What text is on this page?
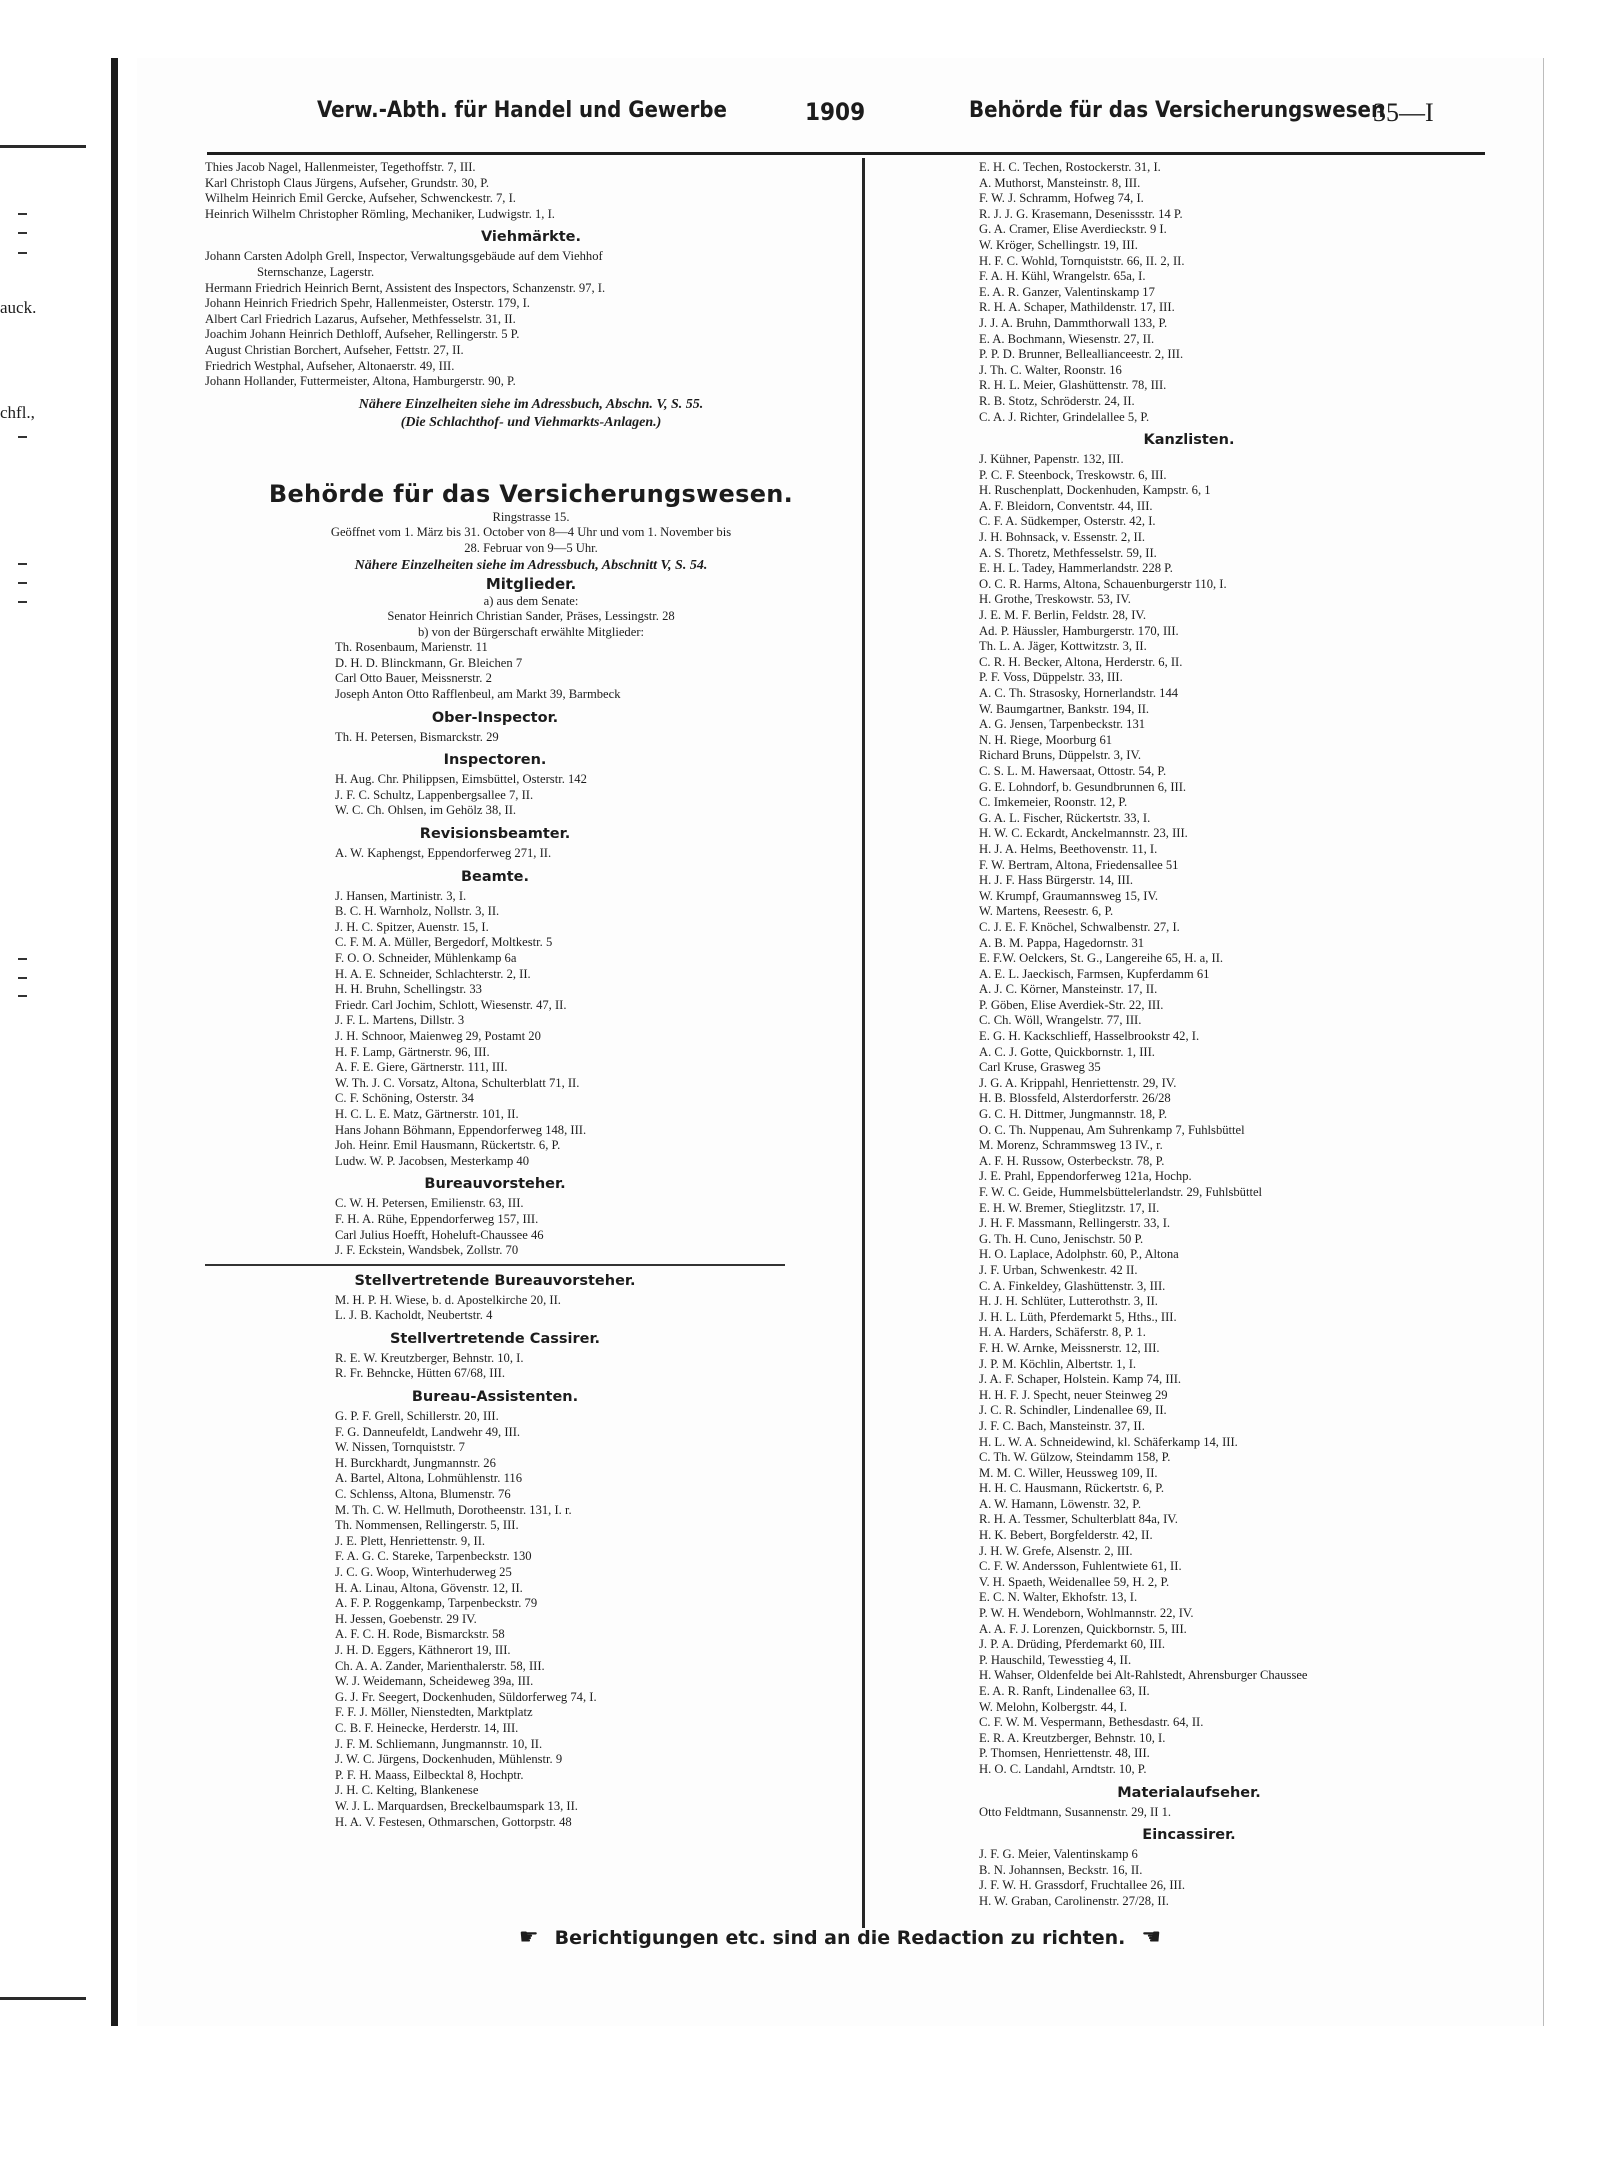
auck.
chfl.,
Verw.-Abth. für Handel und Gewerbe	1909	Behörde für das Versicherungswesen
35—I
Thies Jacob Nagel, Hallenmeister, Tegethoffstr. 7, III.
Karl Christoph Claus Jürgens, Aufseher, Grundstr. 30, P.
Wilhelm Heinrich Emil Gercke, Aufseher, Schwenckestr. 7, I.
Heinrich Wilhelm Christopher Römling, Mechaniker, Ludwigstr. 1, I.
Viehmärkte.
Johann Carsten Adolph Grell, Inspector, Verwaltungsgebäude auf dem Viehhof
Sternschanze, Lagerstr.
Hermann Friedrich Heinrich Bernt, Assistent des Inspectors, Schanzenstr. 97, I.
Johann Heinrich Friedrich Spehr, Hallenmeister, Osterstr. 179, I.
Albert Carl Friedrich Lazarus, Aufseher, Methfesselstr. 31, II.
Joachim Johann Heinrich Dethloff, Aufseher, Rellingerstr. 5 P.
August Christian Borchert, Aufseher, Fettstr. 27, II.
Friedrich Westphal, Aufseher, Altonaerstr. 49, III.
Johann Hollander, Futtermeister, Altona, Hamburgerstr. 90, P.
Nähere Einzelheiten siehe im Adressbuch, Abschn. V, S. 55.
(Die Schlachthof- und Viehmarkts-Anlagen.)
Behörde für das Versicherungswesen.
Ringstrasse 15.
Geöffnet vom 1. März bis 31. October von 8—4 Uhr und vom 1. November bis
28. Februar von 9—5 Uhr.
Nähere Einzelheiten siehe im Adressbuch, Abschnitt V, S. 54.
Mitglieder.
a) aus dem Senate:
Senator Heinrich Christian Sander, Präses, Lessingstr. 28
b) von der Bürgerschaft erwählte Mitglieder:
Th. Rosenbaum, Marienstr. 11
D. H. D. Blinckmann, Gr. Bleichen 7
Carl Otto Bauer, Meissnerstr. 2
Joseph Anton Otto Rafflenbeul, am Markt 39, Barmbeck
Ober-Inspector.
Th. H. Petersen, Bismarckstr. 29
Inspectoren.
H. Aug. Chr. Philippsen, Eimsbüttel, Osterstr. 142
J. F. C. Schultz, Lappenbergsallee 7, II.
W. C. Ch. Ohlsen, im Gehölz 38, II.
Revisionsbeamter.
A. W. Kaphengst, Eppendorferweg 271, II.
Beamte.
J. Hansen, Martinistr. 3, I.
B. C. H. Warnholz, Nollstr. 3, II.
J. H. C. Spitzer, Auenstr. 15, I.
C. F. M. A. Müller, Bergedorf, Moltkestr. 5
F. O. O. Schneider, Mühlenkamp 6a
H. A. E. Schneider, Schlachterstr. 2, II.
H. H. Bruhn, Schellingstr. 33
Friedr. Carl Jochim, Schlott, Wiesenstr. 47, II.
J. F. L. Martens, Dillstr. 3
J. H. Schnoor, Maienweg 29, Postamt 20
H. F. Lamp, Gärtnerstr. 96, III.
A. F. E. Giere, Gärtnerstr. 111, III.
W. Th. J. C. Vorsatz, Altona, Schulterblatt 71, II.
C. F. Schöning, Osterstr. 34
H. C. L. E. Matz, Gärtnerstr. 101, II.
Hans Johann Böhmann, Eppendorferweg 148, III.
Joh. Heinr. Emil Hausmann, Rückertstr. 6, P.
Ludw. W. P. Jacobsen, Mesterkamp 40
Bureauvorsteher.
C. W. H. Petersen, Emilienstr. 63, III.
F. H. A. Rühe, Eppendorferweg 157, III.
Carl Julius Hoefft, Hoheluft-Chaussee 46
J. F. Eckstein, Wandsbek, Zollstr. 70
Stellvertretende Bureauvorsteher.
M. H. P. H. Wiese, b. d. Apostelkirche 20, II.
L. J. B. Kacholdt, Neubertstr. 4
Stellvertretende Cassirer.
R. E. W. Kreutzberger, Behnstr. 10, I.
R. Fr. Behncke, Hütten 67/68, III.
Bureau-Assistenten.
G. P. F. Grell, Schillerstr. 20, III.
F. G. Danneufeldt, Landwehr 49, III.
W. Nissen, Tornquiststr. 7
H. Burckhardt, Jungmannstr. 26
A. Bartel, Altona, Lohmühlenstr. 116
C. Schlenss, Altona, Blumenstr. 76
M. Th. C. W. Hellmuth, Dorotheenstr. 131, I. r.
Th. Nommensen, Rellingerstr. 5, III.
J. E. Plett, Henriettenstr. 9, II.
F. A. G. C. Stareke, Tarpenbeckstr. 130
J. C. G. Woop, Winterhuderweg 25
H. A. Linau, Altona, Gövenstr. 12, II.
A. F. P. Roggenkamp, Tarpenbeckstr. 79
H. Jessen, Goebenstr. 29 IV.
A. F. C. H. Rode, Bismarckstr. 58
J. H. D. Eggers, Käthnerort 19, III.
Ch. A. A. Zander, Marienthalerstr. 58, III.
W. J. Weidemann, Scheideweg 39a, III.
G. J. Fr. Seegert, Dockenhuden, Süldorferweg 74, I.
F. F. J. Möller, Nienstedten, Marktplatz
C. B. F. Heinecke, Herderstr. 14, III.
J. F. M. Schliemann, Jungmannstr. 10, II.
J. W. C. Jürgens, Dockenhuden, Mühlenstr. 9
P. F. H. Maass, Eilbecktal 8, Hochptr.
J. H. C. Kelting, Blankenese
W. J. L. Marquardsen, Breckelbaumspark 13, II.
H. A. V. Festesen, Othmarschen, Gottorpstr. 48
E. H. C. Techen, Rostockerstr. 31, I.
A. Muthorst, Mansteinstr. 8, III.
F. W. J. Schramm, Hofweg 74, I.
R. J. J. G. Krasemann, Desenissstr. 14 P.
G. A. Cramer, Elise Averdieckstr. 9 I.
W. Kröger, Schellingstr. 19, III.
H. F. C. Wohld, Tornquiststr. 66, II. 2, II.
F. A. H. Kühl, Wrangelstr. 65a, I.
E. A. R. Ganzer, Valentinskamp 17
R. H. A. Schaper, Mathildenstr. 17, III.
J. J. A. Bruhn, Dammthorwall 133, P.
E. A. Bochmann, Wiesenstr. 27, II.
P. P. D. Brunner, Belleallianceestr. 2, III.
J. Th. C. Walter, Roonstr. 16
R. H. L. Meier, Glashüttenstr. 78, III.
R. B. Stotz, Schröderstr. 24, II.
C. A. J. Richter, Grindelallee 5, P.
Kanzlisten.
J. Kühner, Papenstr. 132, III.
P. C. F. Steenbock, Treskowstr. 6, III.
H. Ruschenplatt, Dockenhuden, Kampstr. 6, 1
A. F. Bleidorn, Conventstr. 44, III.
C. F. A. Südkemper, Osterstr. 42, I.
J. H. Bohnsack, v. Essenstr. 2, II.
A. S. Thoretz, Methfesselstr. 59, II.
E. H. L. Tadey, Hammerlandstr. 228 P.
O. C. R. Harms, Altona, Schauenburgerstr 110, I.
H. Grothe, Treskowstr. 53, IV.
J. E. M. F. Berlin, Feldstr. 28, IV.
Ad. P. Häussler, Hamburgerstr. 170, III.
Th. L. A. Jäger, Kottwitzstr. 3, II.
C. R. H. Becker, Altona, Herderstr. 6, II.
P. F. Voss, Düppelstr. 33, III.
A. C. Th. Strasosky, Hornerlandstr. 144
W. Baumgartner, Bankstr. 194, II.
A. G. Jensen, Tarpenbeckstr. 131
N. H. Riege, Moorburg 61
Richard Bruns, Düppelstr. 3, IV.
C. S. L. M. Hawersaat, Ottostr. 54, P.
G. E. Lohndorf, b. Gesundbrunnen 6, III.
C. Imkemeier, Roonstr. 12, P.
G. A. L. Fischer, Rückertstr. 33, I.
H. W. C. Eckardt, Anckelmannstr. 23, III.
H. J. A. Helms, Beethovenstr. 11, I.
F. W. Bertram, Altona, Friedensallee 51
H. J. F. Hass Bürgerstr. 14, III.
W. Krumpf, Graumannsweg 15, IV.
W. Martens, Reesestr. 6, P.
C. J. E. F. Knöchel, Schwalbenstr. 27, I.
A. B. M. Pappa, Hagedornstr. 31
E. F.W. Oelckers, St. G., Langereihe 65, H. a, II.
A. E. L. Jaeckisch, Farmsen, Kupferdamm 61
A. J. C. Körner, Mansteinstr. 17, II.
P. Göben, Elise Averdiek-Str. 22, III.
C. Ch. Wöll, Wrangelstr. 77, III.
E. G. H. Kackschlieff, Hasselbrookstr 42, I.
A. C. J. Gotte, Quickbornstr. 1, III.
Carl Kruse, Grasweg 35
J. G. A. Krippahl, Henriettenstr. 29, IV.
H. B. Blossfeld, Alsterdorferstr. 26/28
G. C. H. Dittmer, Jungmannstr. 18, P.
O. C. Th. Nuppenau, Am Suhrenkamp 7, Fuhlsbüttel
M. Morenz, Schrammsweg 13 IV., r.
A. F. H. Russow, Osterbeckstr. 78, P.
J. E. Prahl, Eppendorferweg 121a, Hochp.
F. W. C. Geide, Hummelsbüttelerlandstr. 29, Fuhlsbüttel
E. H. W. Bremer, Stieglitzstr. 17, II.
J. H. F. Massmann, Rellingerstr. 33, I.
G. Th. H. Cuno, Jenischstr. 50 P.
H. O. Laplace, Adolphstr. 60, P., Altona
J. F. Urban, Schwenkestr. 42 II.
C. A. Finkeldey, Glashüttenstr. 3, III.
H. J. H. Schlüter, Lutterothstr. 3, II.
J. H. L. Lüth, Pferdemarkt 5, Hths., III.
H. A. Harders, Schäferstr. 8, P. 1.
F. H. W. Arnke, Meissnerstr. 12, III.
J. P. M. Köchlin, Albertstr. 1, I.
J. A. F. Schaper, Holstein. Kamp 74, III.
H. H. F. J. Specht, neuer Steinweg 29
J. C. R. Schindler, Lindenallee 69, II.
J. F. C. Bach, Mansteinstr. 37, II.
H. L. W. A. Schneidewind, kl. Schäferkamp 14, III.
C. Th. W. Gülzow, Steindamm 158, P.
M. M. C. Willer, Heussweg 109, II.
H. H. C. Hausmann, Rückertstr. 6, P.
A. W. Hamann, Löwenstr. 32, P.
R. H. A. Tessmer, Schulterblatt 84a, IV.
H. K. Bebert, Borgfelderstr. 42, II.
J. H. W. Grefe, Alsenstr. 2, III.
C. F. W. Andersson, Fuhlentwiete 61, II.
V. H. Spaeth, Weidenallee 59, H. 2, P.
E. C. N. Walter, Ekhofstr. 13, I.
P. W. H. Wendeborn, Wohlmannstr. 22, IV.
A. A. F. J. Lorenzen, Quickbornstr. 5, III.
J. P. A. Drüding, Pferdemarkt 60, III.
P. Hauschild, Tewesstieg 4, II.
H. Wahser, Oldenfelde bei Alt-Rahlstedt, Ahrensburger Chaussee
E. A. R. Ranft, Lindenallee 63, II.
W. Melohn, Kolbergstr. 44, I.
C. F. W. M. Vespermann, Bethesdastr. 64, II.
E. R. A. Kreutzberger, Behnstr. 10, I.
P. Thomsen, Henriettenstr. 48, III.
H. O. C. Landahl, Arndtstr. 10, P.
Materialaufseher.
Otto Feldtmann, Susannenstr. 29, II 1.
Eincassirer.
J. F. G. Meier, Valentinskamp 6
B. N. Johannsen, Beckstr. 16, II.
J. F. W. H. Grassdorf, Fruchtallee 26, III.
H. W. Graban, Carolinenstr. 27/28, II.
☛ Berichtigungen etc. sind an die Redaction zu richten. ☚
